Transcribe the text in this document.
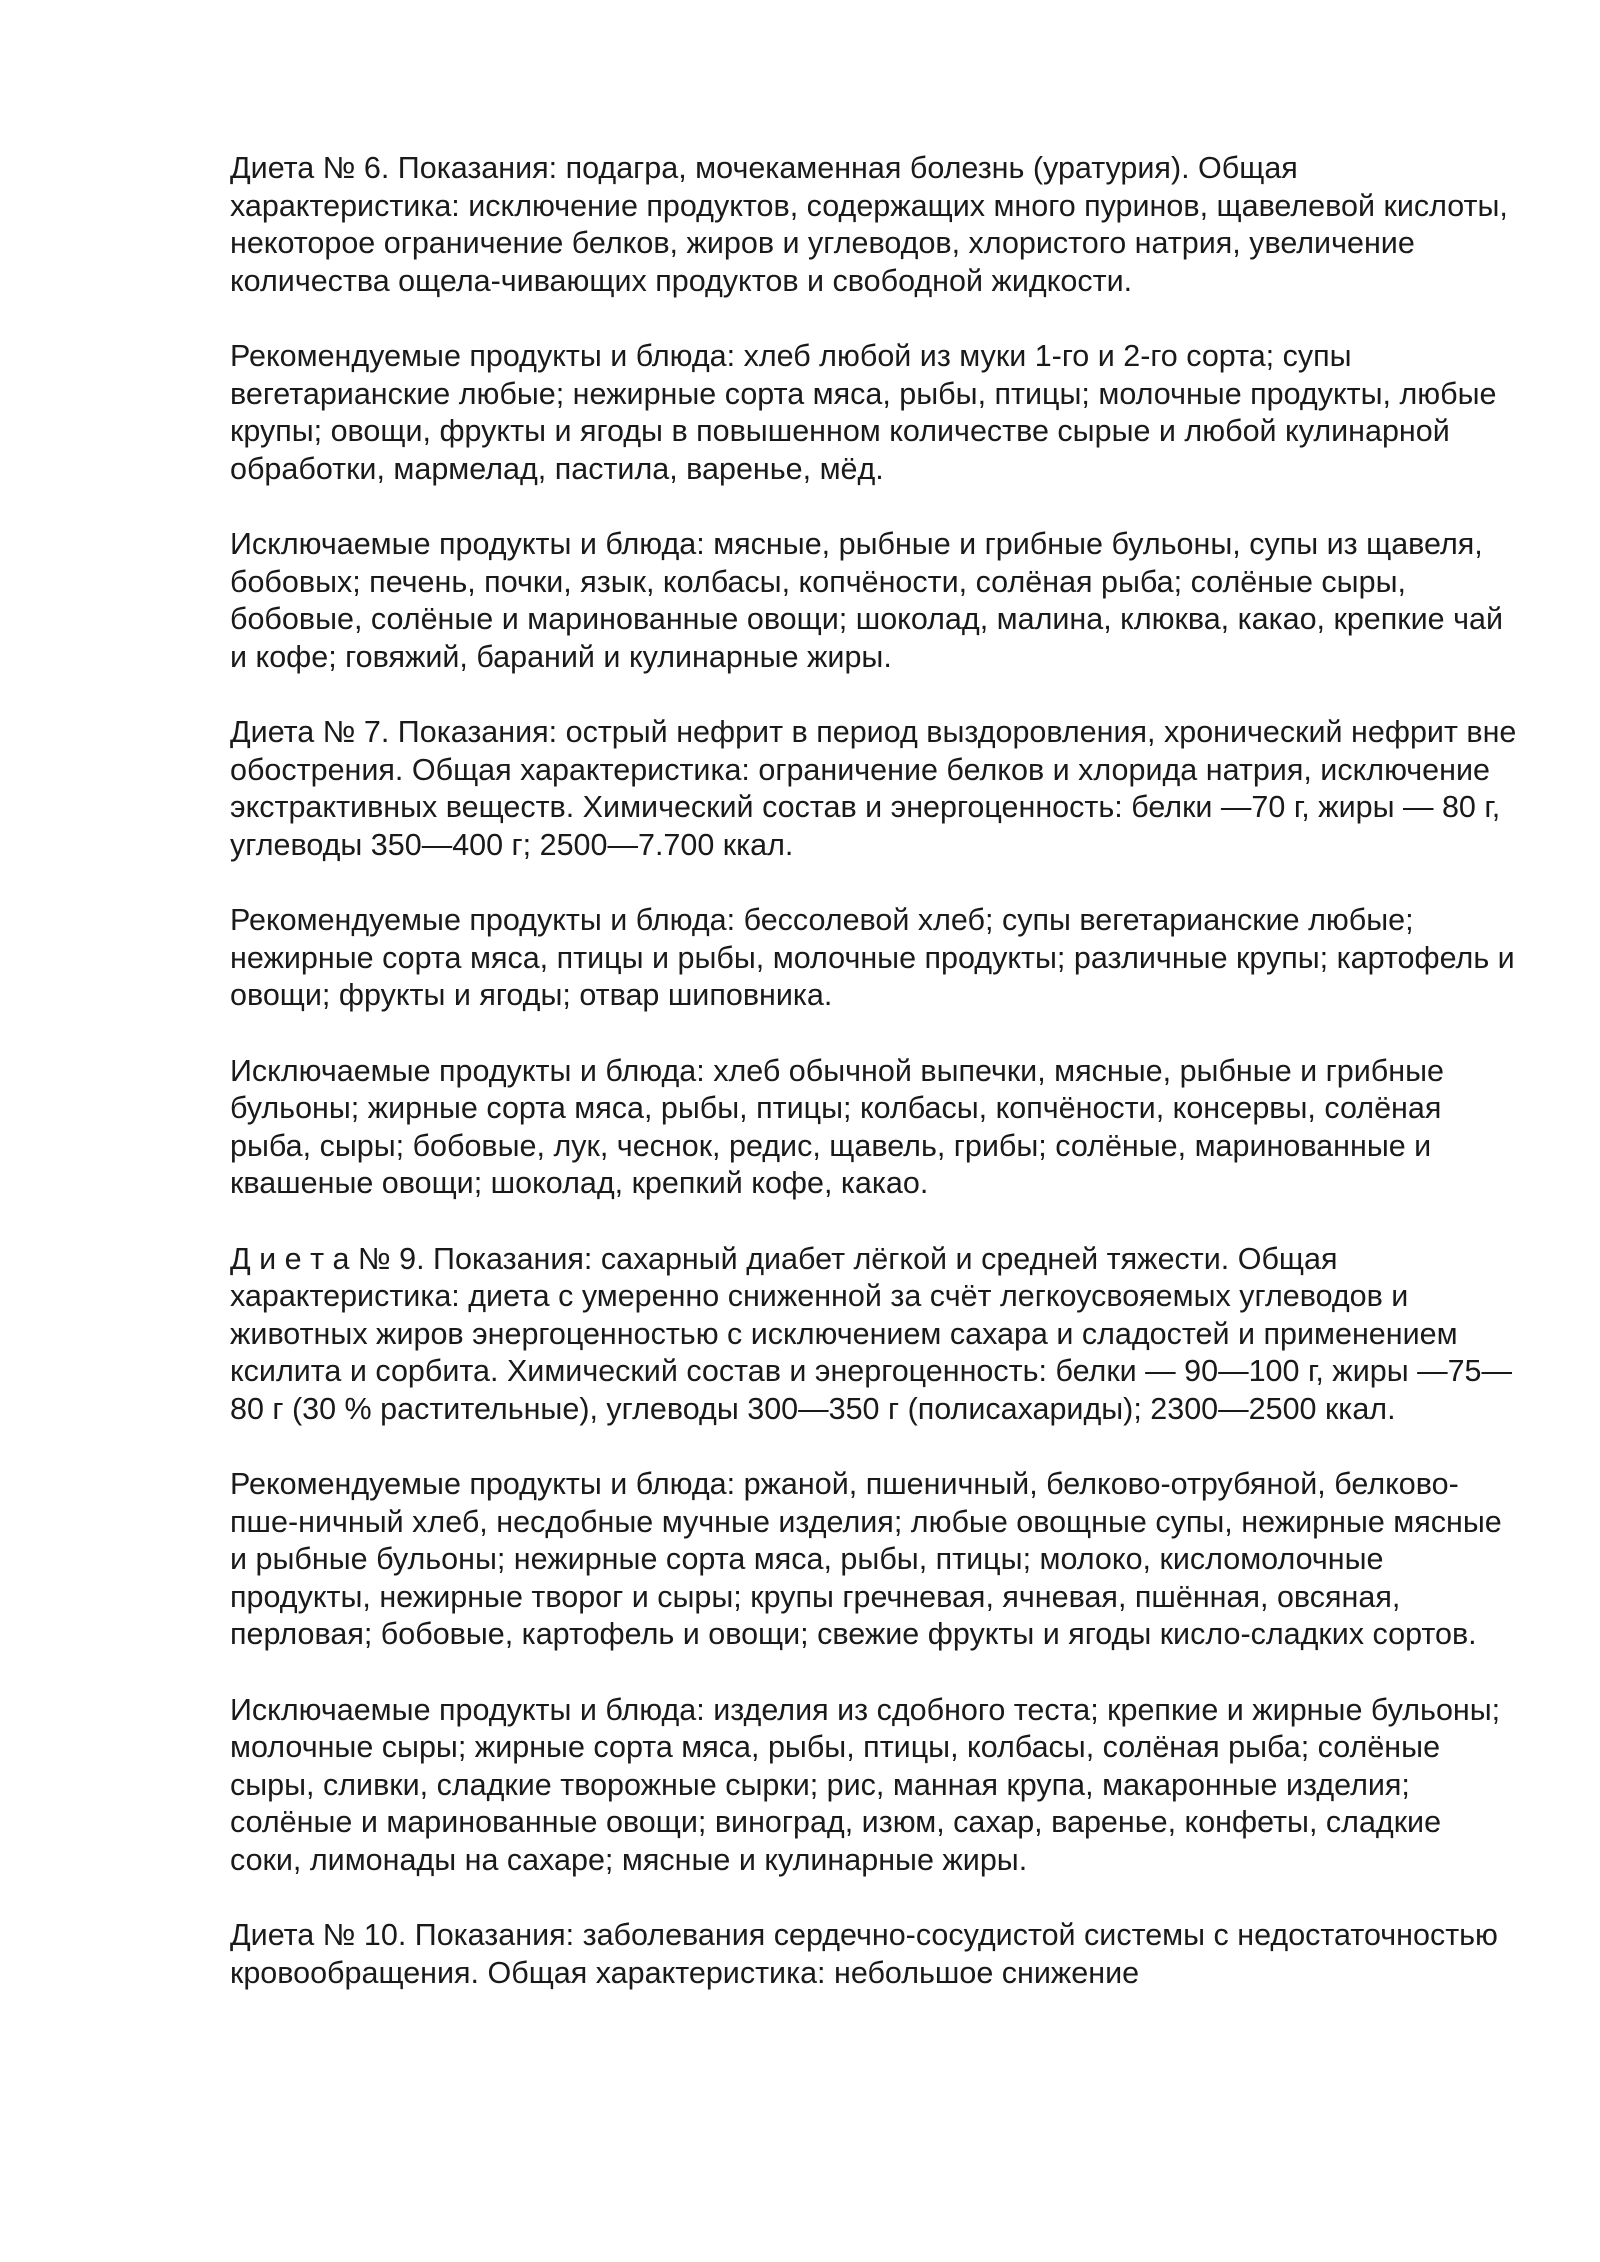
Диета № 6. Показания: подагра, мочекаменная болезнь (уратурия). Общая характеристика: исключение продуктов, содержащих много пуринов, щавелевой кислоты, некоторое ограничение белков, жиров и углеводов, хлористого натрия, увеличение количества ощела-чивающих продуктов и свободной жидкости.

Рекомендуемые продукты и блюда: хлеб любой из муки 1-го и 2-го сорта; супы вегетарианские любые; нежирные сорта мяса, рыбы, птицы; молочные продукты, любые крупы; овощи, фрукты и ягоды в повышенном количестве сырые и любой кулинарной обработки, мармелад, пастила, варенье, мёд.

Исключаемые продукты и блюда: мясные, рыбные и грибные бульоны, супы из щавеля, бобовых; печень, почки, язык, колбасы, копчёности, солёная рыба; солёные сыры, бобовые, солёные и маринованные овощи; шоколад, малина, клюква, какао, крепкие чай и кофе; говяжий, бараний и кулинарные жиры.

Диета № 7. Показания: острый нефрит в период выздоровления, хронический нефрит вне обострения. Общая характеристика: ограничение белков и хлорида натрия, исключение экстрактивных веществ. Химический состав и энергоценность: белки —70 г, жиры — 80 г, углеводы 350—400 г; 2500—7.700 ккал.

Рекомендуемые продукты и блюда: бессолевой хлеб; супы вегетарианские любые; нежирные сорта мяса, птицы и рыбы, молочные продукты; различные крупы; картофель и овощи; фрукты и ягоды; отвар шиповника.

Исключаемые продукты и блюда: хлеб обычной выпечки, мясные, рыбные и грибные бульоны; жирные сорта мяса, рыбы, птицы; колбасы, копчёности, консервы, солёная рыба, сыры; бобовые, лук, чеснок, редис, щавель, грибы; солёные, маринованные и квашеные овощи; шоколад, крепкий кофе, какао.

Д и е т а № 9. Показания: сахарный диабет лёгкой и средней тяжести. Общая характеристика: диета с умеренно сниженной за счёт легкоусвояемых углеводов и животных жиров энергоценностью с исключением сахара и сладостей и применением ксилита и сорбита. Химический состав и энергоценность: белки — 90—100 г, жиры —75—80 г (30 % растительные), углеводы 300—350 г (полисахариды); 2300—2500 ккал.

Рекомендуемые продукты и блюда: ржаной, пшеничный, белково-отрубяной, белково-пше-ничный хлеб, несдобные мучные изделия; любые овощные супы, нежирные мясные и рыбные бульоны; нежирные сорта мяса, рыбы, птицы; молоко, кисломолочные продукты, нежирные творог и сыры; крупы гречневая, ячневая, пшённая, овсяная, перловая; бобовые, картофель и овощи; свежие фрукты и ягоды кисло-сладких сортов.

Исключаемые продукты и блюда: изделия из сдобного теста; крепкие и жирные бульоны; молочные сыры; жирные сорта мяса, рыбы, птицы, колбасы, солёная рыба; солёные сыры, сливки, сладкие творожные сырки; рис, манная крупа, макаронные изделия; солёные и маринованные овощи; виноград, изюм, сахар, варенье, конфеты, сладкие соки, лимонады на сахаре; мясные и кулинарные жиры.

Диета № 10. Показания: заболевания сердечно-сосудистой системы с недостаточностью кровообращения. Общая характеристика: небольшое снижение
